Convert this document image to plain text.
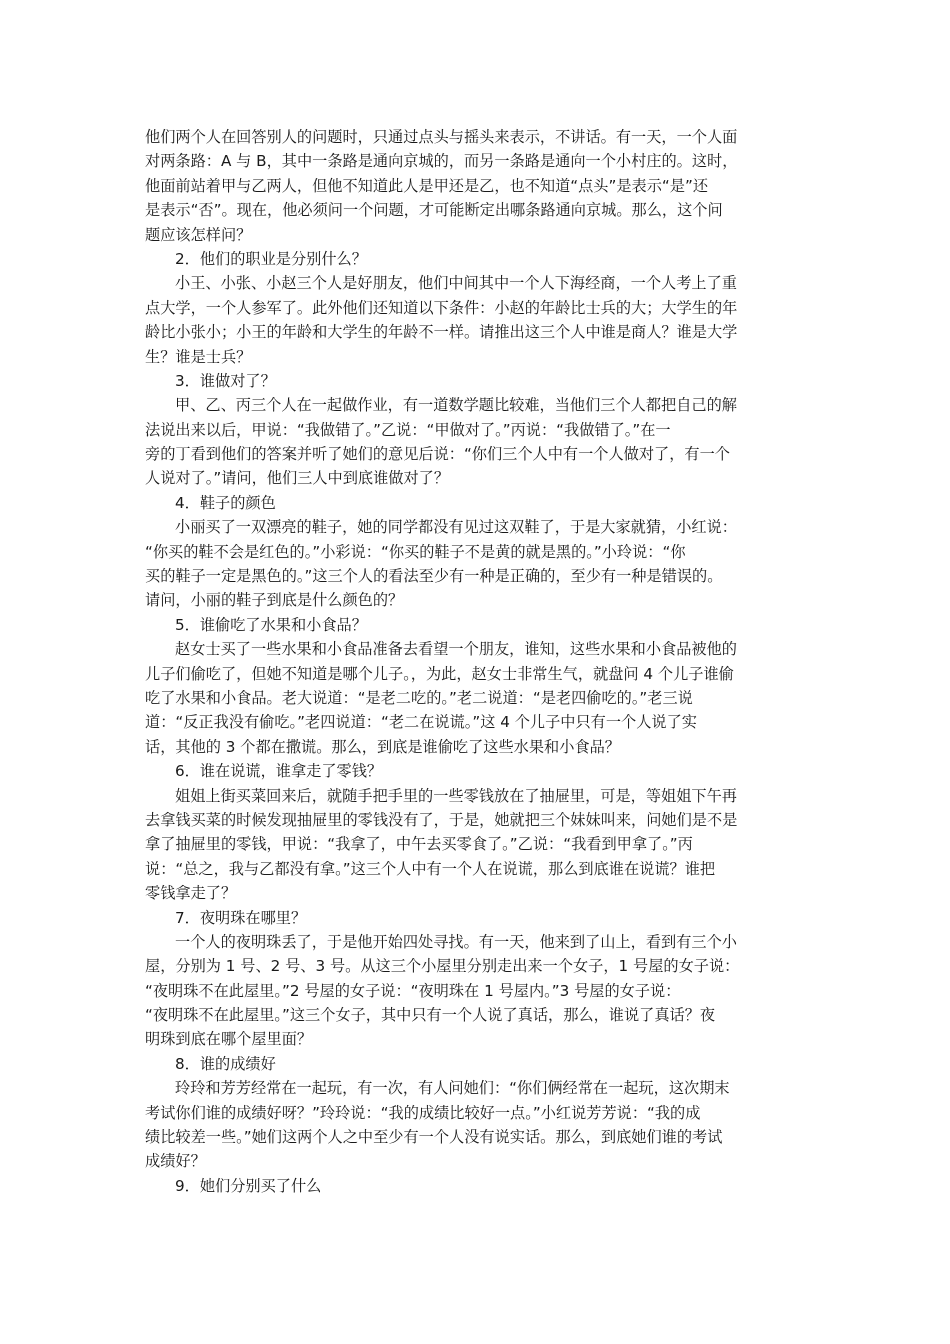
他们两个人在回答别人的问题时，只通过点头与摇头来表示，不讲话。有一天，一个人面
对两条路：A 与 B，其中一条路是通向京城的，而另一条路是通向一个小村庄的。这时，
他面前站着甲与乙两人，但他不知道此人是甲还是乙，也不知道“点头”是表示“是”还
是表示“否”。现在，他必须问一个问题，才可能断定出哪条路通向京城。那么，这个问
题应该怎样问？
2．他们的职业是分别什么？
小王、小张、小赵三个人是好朋友，他们中间其中一个人下海经商，一个人考上了重
点大学，一个人参军了。此外他们还知道以下条件：小赵的年龄比士兵的大；大学生的年
龄比小张小；小王的年龄和大学生的年龄不一样。请推出这三个人中谁是商人？谁是大学
生？谁是士兵？
3．谁做对了？
甲、乙、丙三个人在一起做作业，有一道数学题比较难，当他们三个人都把自己的解
法说出来以后，甲说：“我做错了。”乙说：“甲做对了。”丙说：“我做错了。”在一
旁的丁看到他们的答案并听了她们的意见后说：“你们三个人中有一个人做对了，有一个
人说对了。”请问，他们三人中到底谁做对了？
4．鞋子的颜色
小丽买了一双漂亮的鞋子，她的同学都没有见过这双鞋了，于是大家就猜，小红说：
“你买的鞋不会是红色的。”小彩说：“你买的鞋子不是黄的就是黑的。”小玲说：“你
买的鞋子一定是黑色的。”这三个人的看法至少有一种是正确的，至少有一种是错误的。
请问，小丽的鞋子到底是什么颜色的？
5．谁偷吃了水果和小食品？
赵女士买了一些水果和小食品准备去看望一个朋友，谁知，这些水果和小食品被他的
儿子们偷吃了，但她不知道是哪个儿子。，为此，赵女士非常生气，就盘问 4 个儿子谁偷
吃了水果和小食品。老大说道：“是老二吃的。”老二说道：“是老四偷吃的。”老三说
道：“反正我没有偷吃。”老四说道：“老二在说谎。”这 4 个儿子中只有一个人说了实
话，其他的 3 个都在撒谎。那么，到底是谁偷吃了这些水果和小食品？
6．谁在说谎，谁拿走了零钱？
姐姐上街买菜回来后，就随手把手里的一些零钱放在了抽屉里，可是，等姐姐下午再
去拿钱买菜的时候发现抽屉里的零钱没有了，于是，她就把三个妹妹叫来，问她们是不是
拿了抽屉里的零钱，甲说：“我拿了，中午去买零食了。”乙说：“我看到甲拿了。”丙
说：“总之，我与乙都没有拿。”这三个人中有一个人在说谎，那么到底谁在说谎？谁把
零钱拿走了？
7．夜明珠在哪里？
一个人的夜明珠丢了，于是他开始四处寻找。有一天，他来到了山上，看到有三个小
屋，分别为 1 号、2 号、3 号。从这三个小屋里分别走出来一个女子，1 号屋的女子说：
“夜明珠不在此屋里。”2 号屋的女子说：“夜明珠在 1 号屋内。”3 号屋的女子说：
“夜明珠不在此屋里。”这三个女子，其中只有一个人说了真话，那么，谁说了真话？夜
明珠到底在哪个屋里面？
8．谁的成绩好
玲玲和芳芳经常在一起玩，有一次，有人问她们：“你们俩经常在一起玩，这次期末
考试你们谁的成绩好呀？”玲玲说：“我的成绩比较好一点。”小红说芳芳说：“我的成
绩比较差一些。”她们这两个人之中至少有一个人没有说实话。那么，到底她们谁的考试
成绩好？
9．她们分别买了什么
